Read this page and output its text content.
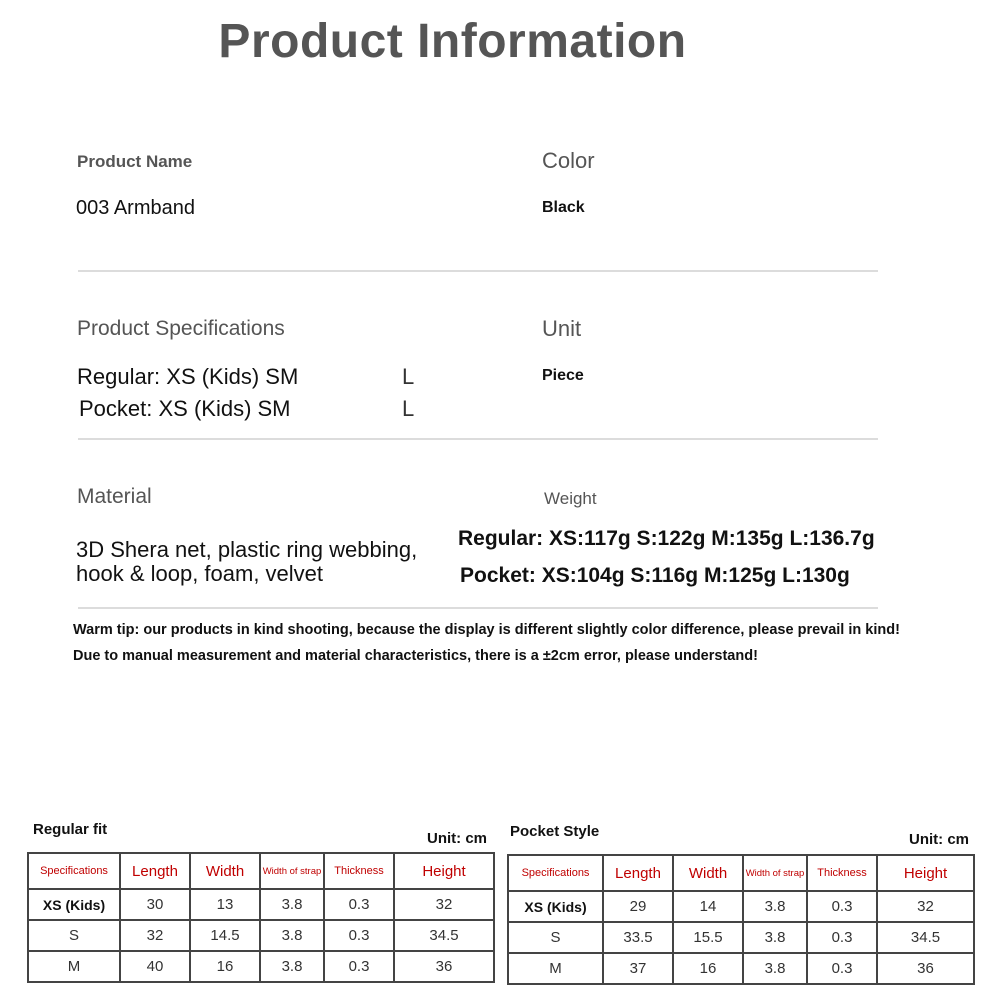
Product Information
Product Name
003 Armband
Color
Black
Product Specifications
Regular: XS (Kids) SM	L
Pocket: XS (Kids) SM	L
Unit
Piece
Material
3D Shera net, plastic ring webbing,
hook & loop, foam, velvet
Weight
Regular: XS:117g S:122g M:135g L:136.7g
Pocket: XS:104g S:116g M:125g L:130g
Warm tip: our products in kind shooting, because the display is different slightly color difference, please prevail in kind!
Due to manual measurement and material characteristics, there is a ±2cm error, please understand!
Regular fit
Unit: cm
Specifications	Length	Width	Width of strap	Thickness	Height
XS (Kids)	30	13	3.8	0.3	32
S	32	14.5	3.8	0.3	34.5
M	40	16	3.8	0.3	36
Pocket Style	Unit: cm
Specifications	Length	Width	Width of strap	Thickness	Height
XS (Kids)	29	14	3.8	0.3	32
S	33.5	15.5	3.8	0.3	34.5
M	37	16	3.8	0.3	36
